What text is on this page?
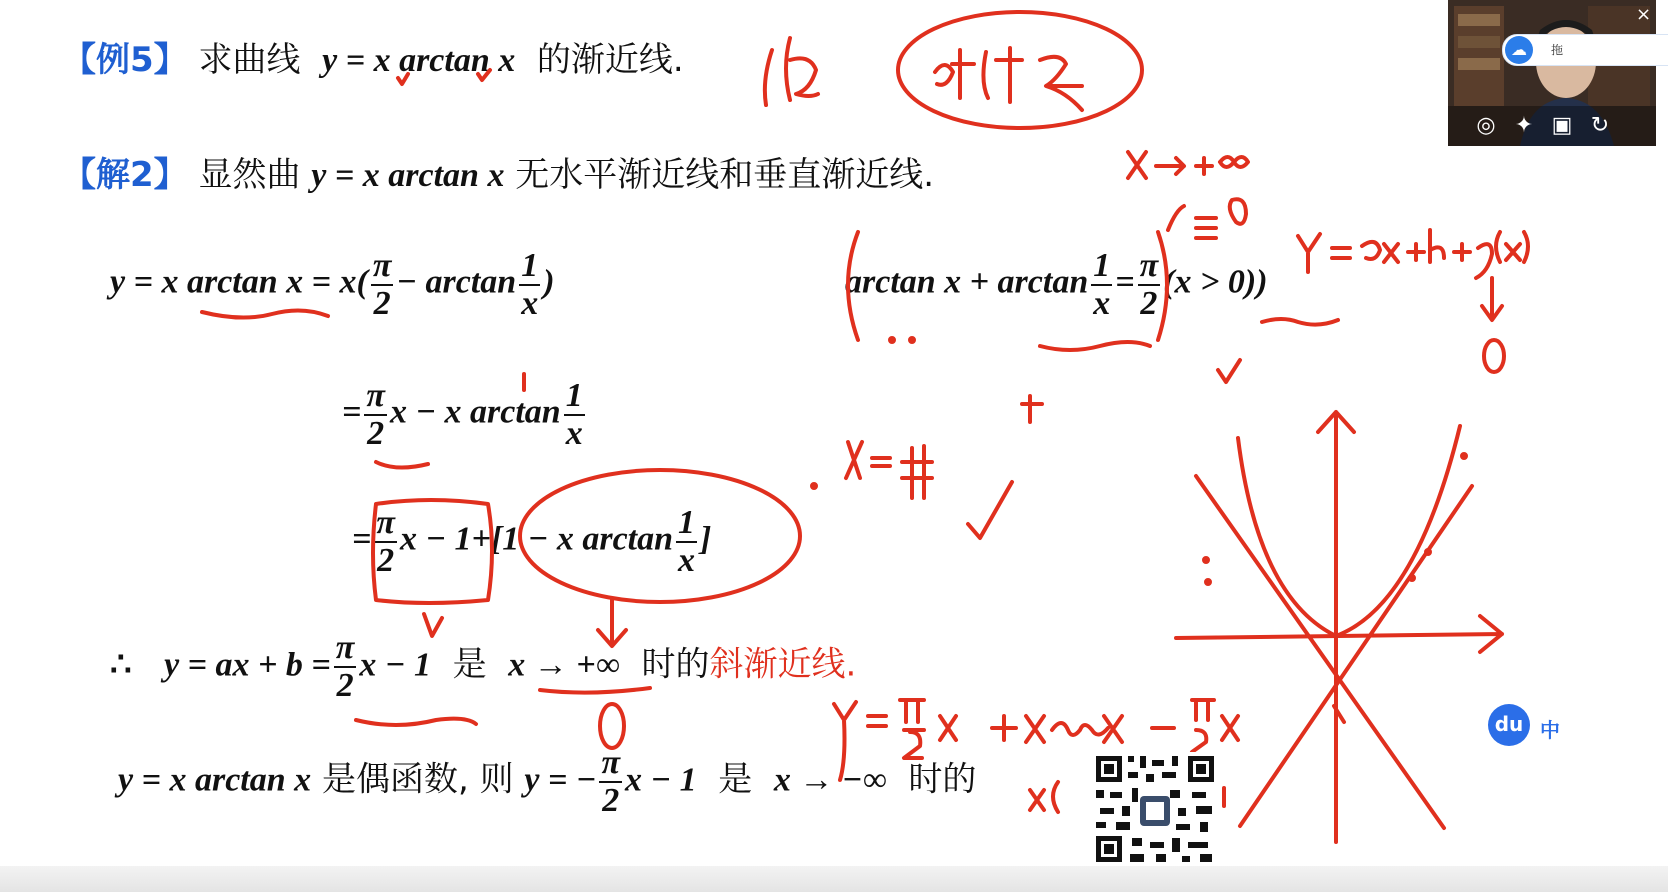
【例5】 求曲线 y = x arctan x 的渐近线.
【解2】 显然曲 y = x arctan x 无水平渐近线和垂直渐近线.
y = x $\arctan x = x( \frac{\pi}{2} - \arctan \frac{1}{x}$ )	$\arctan x + \arctan \frac{1}{x} = \frac{\pi}{2} (x > 0)$)
= $\frac{\pi}{2}$ x − x $\arctan \frac{1}{x}$
= $\frac{\pi}{2}$ x − 1+[1 − x $\arctan \frac{1}{x}$ ]
∴ y = ax + $b = \frac{\pi}{2}$ x − 1 是 x → +∞ 时的斜渐近线.
y = x arctan x 是偶函数, 则 y = − $\frac{\pi}{2}$ x − 1 是 x → −∞ 时的
×
◎ ✦ ▣ ↻
☁	拖
du 中
